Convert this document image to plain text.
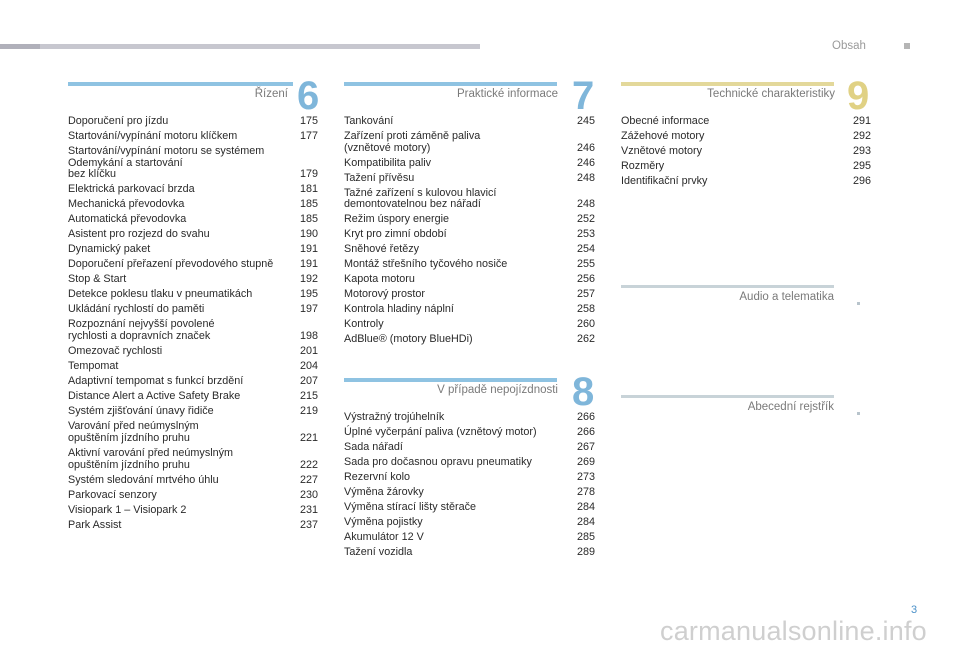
Obsah
Řízení 6
Doporučení pro jízdu	175
Startování/vypínání motoru klíčkem	177
Startování/vypínání motoru se systémem
Odemykání a startování
bez klíčku	179
Elektrická parkovací brzda	181
Mechanická převodovka	185
Automatická převodovka	185
Asistent pro rozjezd do svahu	190
Dynamický paket	191
Doporučení přeřazení převodového stupně 191
Stop & Start	192
Detekce poklesu tlaku v pneumatikách	195
Ukládání rychlostí do paměti	197
Rozpoznání nejvyšší povolené
rychlosti a dopravních značek	198
Omezovač rychlosti	201
Tempomat	204
Adaptivní tempomat s funkcí brzdění	207
Distance Alert a Active Safety Brake	215
Systém zjišťování únavy řidiče	219
Varování před neúmyslným
opuštěním jízdního pruhu	221
Aktivní varování před neúmyslným
opuštěním jízdního pruhu	222
Systém sledování mrtvého úhlu	227
Parkovací senzory	230
Visiopark 1 – Visiopark 2	231
Park Assist	237
Praktické informace 7
Tankování	245
Zařízení proti záměně paliva
(vznětové motory)	246
Kompatibilita paliv	246
Tažení přívěsu	248
Tažné zařízení s kulovou hlavicí
demontovatelnou bez nářadí	248
Režim úspory energie	252
Kryt pro zimní období	253
Sněhové řetězy	254
Montáž střešního tyčového nosiče	255
Kapota motoru	256
Motorový prostor	257
Kontrola hladiny náplní	258
Kontroly	260
AdBlue® (motory BlueHDi)	262
V případě nepojízdnosti 8
Výstražný trojúhelník	266
Úplné vyčerpání paliva (vznětový motor)	266
Sada nářadí	267
Sada pro dočasnou opravu pneumatiky	269
Rezervní kolo	273
Výměna žárovky	278
Výměna stírací lišty stěrače	284
Výměna pojistky	284
Akumulátor 12 V	285
Tažení vozidla	289
Technické charakteristiky 9
Obecné informace	291
Zážehové motory	292
Vznětové motory	293
Rozměry	295
Identifikační prvky	296
Audio a telematika
Abecední rejstřík
3
carmanualsonline.info
